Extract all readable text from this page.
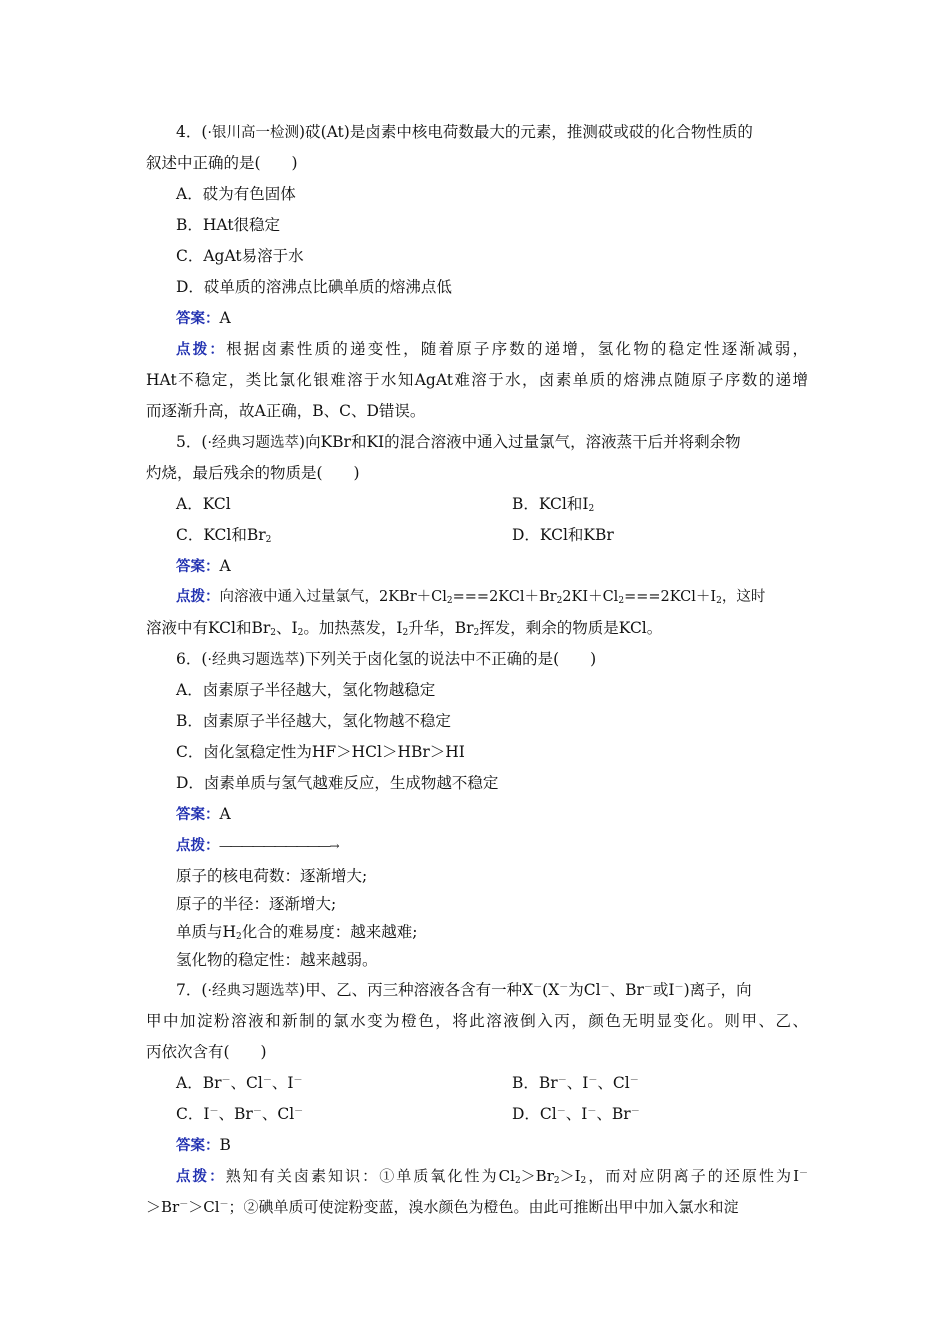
4．(·银川高一检测)砹(At)是卤素中核电荷数最大的元素，推测砹或砹的化合物性质的
叙述中正确的是(　　)
A．砹为有色固体
B．HAt很稳定
C．AgAt易溶于水
D．砹单质的溶沸点比碘单质的熔沸点低
答案：A
点拨：根据卤素性质的递变性，随着原子序数的递增，氢化物的稳定性逐渐减弱，
HAt不稳定，类比氯化银难溶于水知AgAt难溶于水，卤素单质的熔沸点随原子序数的递增
而逐渐升高，故A正确，B、C、D错误。
5．(·经典习题选萃)向KBr和KI的混合溶液中通入过量氯气，溶液蒸干后并将剩余物
灼烧，最后残余的物质是(　　)
A．KCl	B．KCl和$I_2$
C．KCl和$Br_2$	D．KCl和KBr
答案：A
点拨：向溶液中通入过量氯气，$2KBr+Cl_2===2KCl+Br_22KI+Cl_2===2KCl+I_2$，这时
溶液中有KCl和$Br_2$、$I_2$。加热蒸发，$I_2$升华，$Br_2$挥发，剩余的物质是KCl。
6．(·经典习题选萃)下列关于卤化氢的说法中不正确的是(　　)
A．卤素原子半径越大，氢化物越稳定
B．卤素原子半径越大，氢化物越不稳定
C．卤化氢稳定性为HF＞HCl＞HBr＞HI
D．卤素单质与氢气越难反应，生成物越不稳定
答案：A
点拨：――――――――――→
原子的核电荷数：逐渐增大;
原子的半径：逐渐增大;
单质与$H_2$化合的难易度：越来越难;
氢化物的稳定性：越来越弱。
7．(·经典习题选萃)甲、乙、丙三种溶液各含有一种X－(X－为Cl－、Br－或I－)离子，向
甲中加淀粉溶液和新制的氯水变为橙色，将此溶液倒入丙，颜色无明显变化。则甲、乙、
丙依次含有(　　)
A．Br－、Cl－、I－	B．Br－、I－、Cl－
C．I－、Br－、Cl－	D．Cl－、I－、Br－
答案：B
点拨：熟知有关卤素知识：①单质氧化性为$Cl_2>Br_2>I_2$，而对应阴离子的还原性为I－
＞Br－＞Cl－；②碘单质可使淀粉变蓝，溴水颜色为橙色。由此可推断出甲中加入氯水和淀
